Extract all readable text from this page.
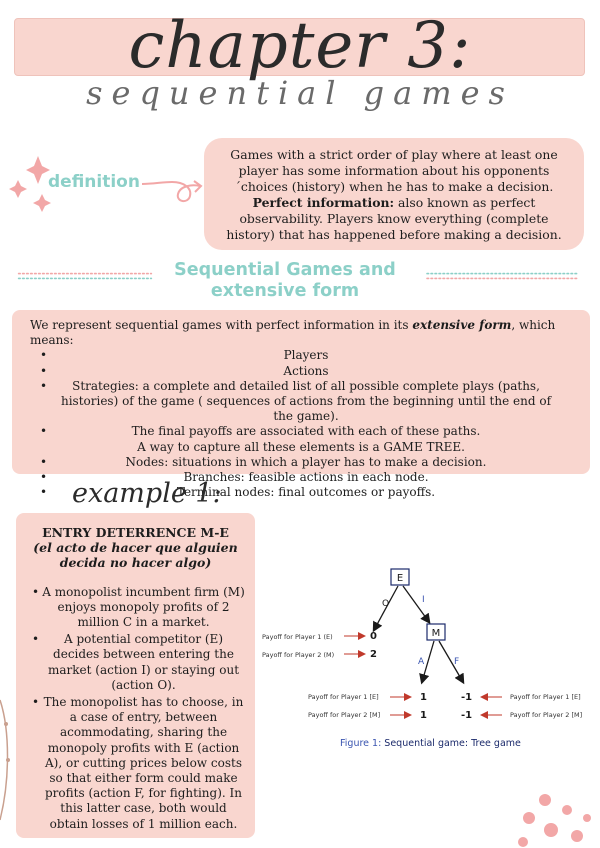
chapter 3:
sequential games
definition
Games with a strict order of play where at least one player has some information about his opponents´choices (history) when he has to make a decision.
Perfect information: also known as perfect observability. Players know everything (complete history) that has happened before making a decision.
Sequential Games and
extensive form
We represent sequential games with perfect information in its extensive form, which means:
• Players
• Actions
• Strategies: a complete and detailed list of all possible complete plays (paths, histories) of the game ( sequences of actions from the beginning until the end of the game).
• The final payoffs are associated with each of these paths.
A way to capture all these elements is a GAME TREE.
• Nodes: situations in which a player has to make a decision.
• Branches: feasible actions in each node.
• Terminal nodes: final outcomes or payoffs.
example 1:
ENTRY DETERRENCE M-E
(el acto de hacer que alguien decida no hacer algo)
• A monopolist incumbent firm (M) enjoys monopoly profits of 2 million C in a market.
• A potential competitor (E) decides between entering the market (action I) or staying out (action O).
• The monopolist has to choose, in a case of entry, between acommodating, sharing the monopoly profits with E (action A), or cutting prices below costs so that either form could make profits (action F, for fighting). In this latter case, both would obtain losses of 1 million each.
E
O	I
M
0
2
Payoff for Player 1 (E)
Payoff for Player 2 (M)
A	F
1
1
Payoff for Player 1 [E]
Payoff for Player 2 [M]
-1
-1
Payoff for Player 1 [E]
Payoff for Player 2 [M]
Figure 1: Sequential game: Tree game
